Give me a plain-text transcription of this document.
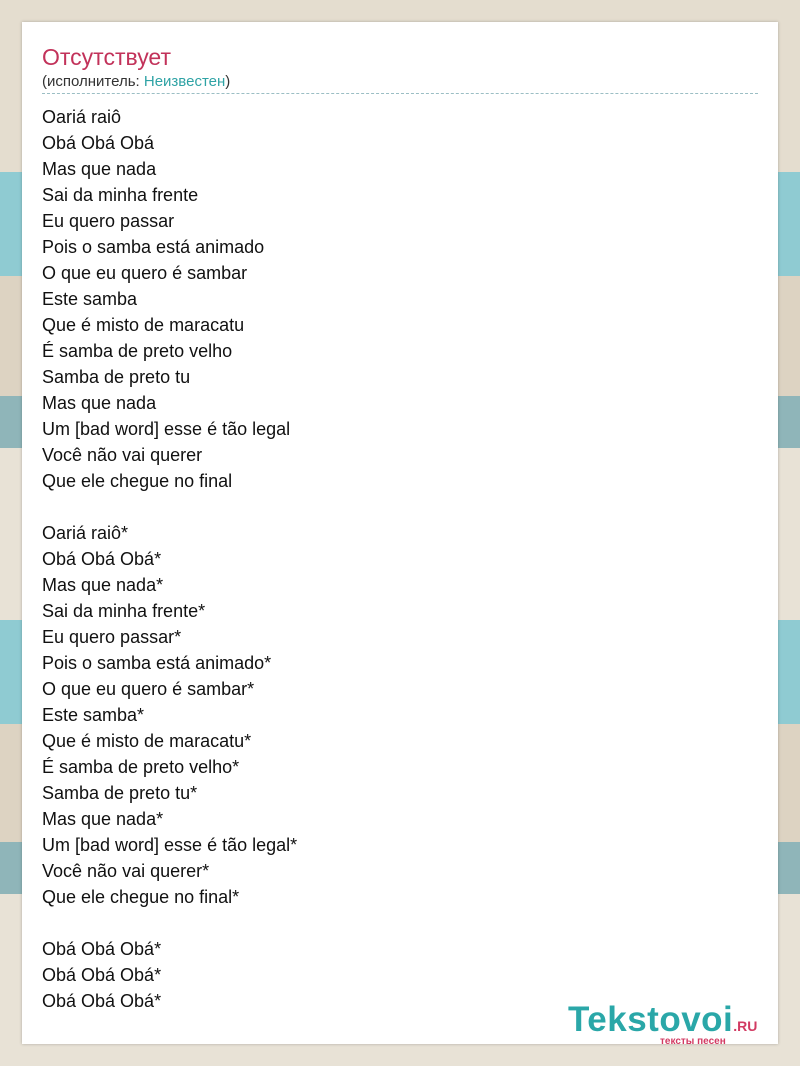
Отсутствует
(исполнитель: Неизвестен)
Oariá raiô
Obá Obá Obá
Mas que nada
Sai da minha frente
Eu quero passar
Pois o samba está animado
O que eu quero é sambar
Este samba
Que é misto de maracatu
É samba de preto velho
Samba de preto tu
Mas que nada
Um [bad word] esse é tão legal
Você não vai querer
Que ele chegue no final
Oariá raiô*
Obá Obá Obá*
Mas que nada*
Sai da minha frente*
Eu quero passar*
Pois o samba está animado*
O que eu quero é sambar*
Este samba*
Que é misto de maracatu*
É samba de preto velho*
Samba de preto tu*
Mas que nada*
Um [bad word] esse é tão legal*
Você não vai querer*
Que ele chegue no final*
Obá Obá Obá*
Obá Obá Obá*
Obá Obá Obá*	Tekstovoi.RU
тексты песен
